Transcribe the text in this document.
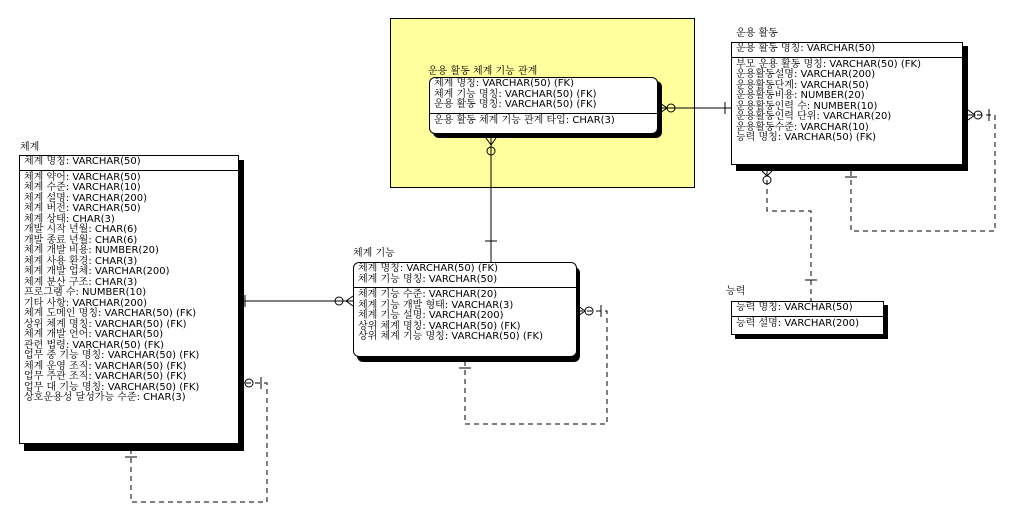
운용 활동 체계 기능 관계
체계 명칭: VARCHAR(50) (FK)
체계 기능 명칭: VARCHAR(50) (FK)
운용 활동 명칭: VARCHAR(50) (FK)
운용 활동 체계 기능 관계 타입: CHAR(3)
운용 활동
운용 활동 명칭: VARCHAR(50)
부모 운용 활동 명칭: VARCHAR(50) (FK)
운용활동설명: VARCHAR(200)
운용활동단계: VARCHAR(50)
운용활동비용: NUMBER(20)
운용활동인력 수: NUMBER(10)
운용활동인력 단위: VARCHAR(20)
운용활동수준: VARCHAR(10)
능력 명칭: VARCHAR(50) (FK)
체계
체계 명칭: VARCHAR(50)
체계 약어: VARCHAR(50)
체계 수준: VARCHAR(10)
체계 설명: VARCHAR(200)
체계 버전: VARCHAR(50)
체계 상태: CHAR(3)
개발 시작 년월: CHAR(6)
개발 종료 년월: CHAR(6)
체계 개발 비용: NUMBER(20)
체계 사용 환경: CHAR(3)
체계 개발 업체: VARCHAR(200)
체계 분산 구조: CHAR(3)
프로그램 수: NUMBER(10)
기타 사항: VARCHAR(200)
체계 도메인 명칭: VARCHAR(50) (FK)
상위 체계 명칭: VARCHAR(50) (FK)
체계 개발 언어: VARCHAR(50)
관련 법령: VARCHAR(50) (FK)
업무 중 기능 명칭: VARCHAR(50) (FK)
체계 운영 조직: VARCHAR(50) (FK)
업무 주관 조직: VARCHAR(50) (FK)
업무 대 기능 명칭: VARCHAR(50) (FK)
상호운용성 달성가능 수준: CHAR(3)
체계 기능
체계 명칭: VARCHAR(50) (FK)
체계 기능 명칭: VARCHAR(50)
체계 기능 수준: VARCHAR(20)
체계 기능 개발 형태: VARCHAR(3)
체계 기능 설명: VARCHAR(200)
상위 체계 명칭: VARCHAR(50) (FK)
상위 체계 기능 명칭: VARCHAR(50) (FK)
능력
능력 명칭: VARCHAR(50)
능력 설명: VARCHAR(200)
